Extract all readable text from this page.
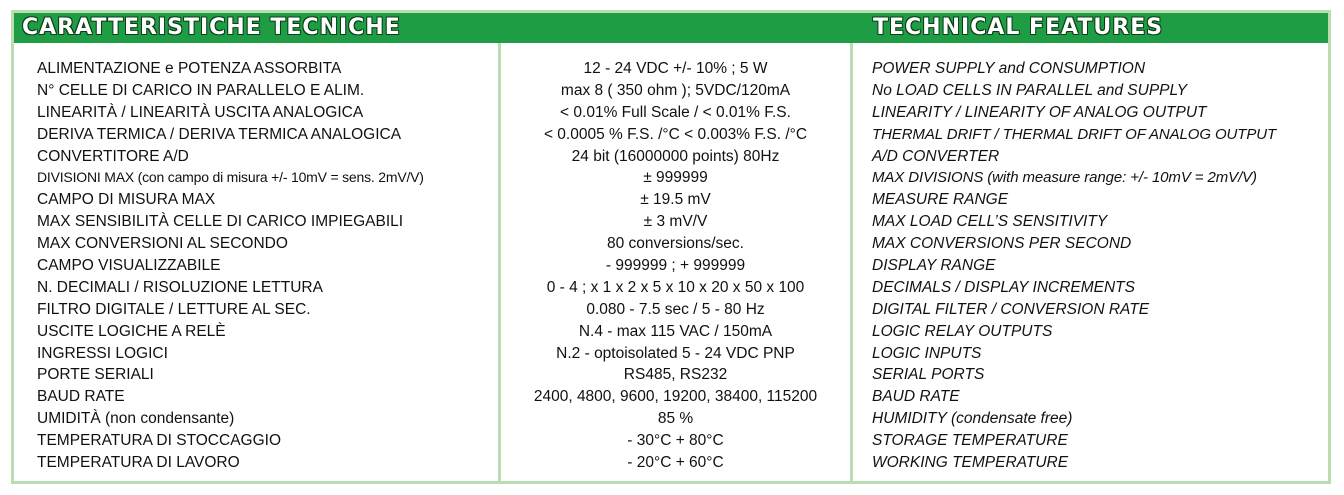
CARATTERISTICHE TECNICHE	TECHNICAL FEATURES
ALIMENTAZIONE e POTENZA ASSORBITA
N° CELLE DI CARICO IN PARALLELO E ALIM.
LINEARITÀ / LINEARITÀ USCITA ANALOGICA
DERIVA TERMICA / DERIVA TERMICA ANALOGICA
CONVERTITORE A/D
DIVISIONI MAX (con campo di misura +/- 10mV = sens. 2mV/V)
CAMPO DI MISURA MAX
MAX SENSIBILITÀ CELLE DI CARICO IMPIEGABILI
MAX CONVERSIONI AL SECONDO
CAMPO VISUALIZZABILE
N. DECIMALI / RISOLUZIONE LETTURA
FILTRO DIGITALE / LETTURE AL SEC.
USCITE LOGICHE A RELÈ
INGRESSI LOGICI
PORTE SERIALI
BAUD RATE
UMIDITÀ (non condensante)
TEMPERATURA DI STOCCAGGIO
TEMPERATURA DI LAVORO
12 - 24 VDC +/- 10% ; 5 W
max 8 ( 350 ohm ); 5VDC/120mA
< 0.01% Full Scale / < 0.01% F.S.
< 0.0005 % F.S. /°C < 0.003% F.S. /°C
24 bit (16000000 points) 80Hz
± 999999
± 19.5 mV
± 3 mV/V
80 conversions/sec.
- 999999 ; + 999999
0 - 4 ; x 1 x 2 x 5 x 10 x 20 x 50 x 100
0.080 - 7.5 sec / 5 - 80 Hz
N.4 - max 115 VAC / 150mA
N.2 - optoisolated 5 - 24 VDC PNP
RS485, RS232
2400, 4800, 9600, 19200, 38400, 115200
85 %
- 30°C + 80°C
- 20°C + 60°C
POWER SUPPLY and CONSUMPTION
No LOAD CELLS IN PARALLEL and SUPPLY
LINEARITY / LINEARITY OF ANALOG OUTPUT
THERMAL DRIFT / THERMAL DRIFT OF ANALOG OUTPUT
A/D CONVERTER
MAX DIVISIONS (with measure range: +/- 10mV = 2mV/V)
MEASURE RANGE
MAX LOAD CELL’S SENSITIVITY
MAX CONVERSIONS PER SECOND
DISPLAY RANGE
DECIMALS / DISPLAY INCREMENTS
DIGITAL FILTER / CONVERSION RATE
LOGIC RELAY OUTPUTS
LOGIC INPUTS
SERIAL PORTS
BAUD RATE
HUMIDITY (condensate free)
STORAGE TEMPERATURE
WORKING TEMPERATURE
